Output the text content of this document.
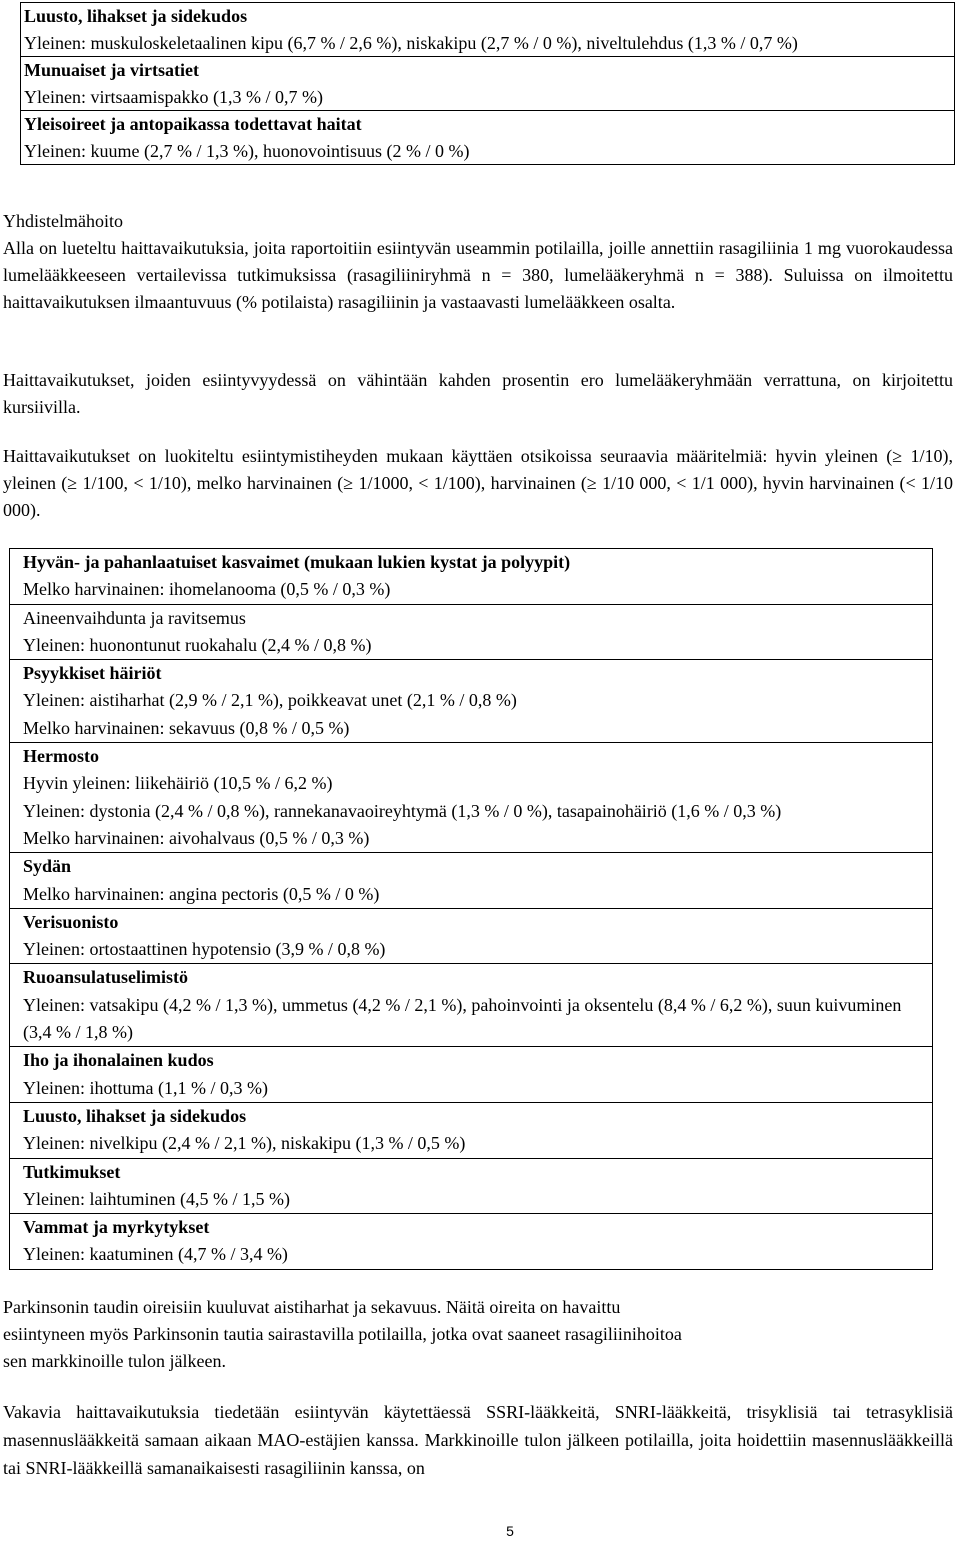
Luusto, lihakset ja sidekudos
Yleinen: muskuloskeletaalinen kipu (6,7 % / 2,6 %), niskakipu (2,7 % / 0 %), niveltulehdus (1,3 % / 0,7 %)
Munuaiset ja virtsatiet
Yleinen: virtsaamispakko (1,3 % / 0,7 %)
Yleisoireet ja antopaikassa todettavat haitat
Yleinen: kuume (2,7 % / 1,3 %), huonovointisuus (2 % / 0 %)
Yhdistelmähoito

Alla on lueteltu haittavaikutuksia, joita raportoitiin esiintyvän useammin potilailla, joille annettiin rasagiliinia 1 mg vuorokaudessa lumelääkkeeseen vertailevissa tutkimuksissa (rasagiliiniryhmä n = 380, lumelääkeryhmä n = 388). Suluissa on ilmoitettu haittavaikutuksen ilmaantuvuus (% potilaista) rasagiliinin ja vastaavasti lumelääkkeen osalta.

Haittavaikutukset, joiden esiintyvyydessä on vähintään kahden prosentin ero lumelääkeryhmään verrattuna, on kirjoitettu kursiivilla.

Haittavaikutukset on luokiteltu esiintymistiheyden mukaan käyttäen otsikoissa seuraavia määritelmiä: hyvin yleinen (≥ 1/10), yleinen (≥ 1/100, < 1/10), melko harvinainen (≥ 1/1000, < 1/100), harvinainen (≥ 1/10 000, < 1/1 000), hyvin harvinainen (< 1/10 000).

Hyvän- ja pahanlaatuiset kasvaimet (mukaan lukien kystat ja polyypit)
Melko harvinainen: ihomelanooma (0,5 % / 0,3 %)
Aineenvaihdunta ja ravitsemus
Yleinen: huonontunut ruokahalu (2,4 % / 0,8 %)
Psyykkiset häiriöt
Yleinen: aistiharhat (2,9 % / 2,1 %), poikkeavat unet (2,1 % / 0,8 %)
Melko harvinainen: sekavuus (0,8 % / 0,5 %)
Hermosto
Hyvin yleinen: liikehäiriö (10,5 % / 6,2 %)
Yleinen: dystonia (2,4 % / 0,8 %), rannekanavaoireyhtymä (1,3 % / 0 %), tasapainohäiriö (1,6 % / 0,3 %)
Melko harvinainen: aivohalvaus (0,5 % / 0,3 %)
Sydän
Melko harvinainen: angina pectoris (0,5 % / 0 %)
Verisuonisto
Yleinen: ortostaattinen hypotensio (3,9 % / 0,8 %)
Ruoansulatuselimistö
Yleinen: vatsakipu (4,2 % / 1,3 %), ummetus (4,2 % / 2,1 %), pahoinvointi ja oksentelu (8,4 % / 6,2 %), suun kuivuminen (3,4 % / 1,8 %)
Iho ja ihonalainen kudos
Yleinen: ihottuma (1,1 % / 0,3 %)
Luusto, lihakset ja sidekudos
Yleinen: nivelkipu (2,4 % / 2,1 %), niskakipu (1,3 % / 0,5 %)
Tutkimukset
Yleinen: laihtuminen (4,5 % / 1,5 %)
Vammat ja myrkytykset
Yleinen: kaatuminen (4,7 % / 3,4 %)
Parkinsonin taudin oireisiin kuuluvat aistiharhat ja sekavuus. Näitä oireita on havaittu
esiintyneen myös Parkinsonin tautia sairastavilla potilailla, jotka ovat saaneet rasagiliinihoitoa
sen markkinoille tulon jälkeen.

Vakavia haittavaikutuksia tiedetään esiintyvän käytettäessä SSRI-lääkkeitä, SNRI-lääkkeitä, trisyklisiä tai tetrasyklisiä masennuslääkkeitä samaan aikaan MAO-estäjien kanssa. Markkinoille tulon jälkeen potilailla, joita hoidettiin masennuslääkkeillä tai SNRI-lääkkeillä samanaikaisesti rasagiliinin kanssa, on

5
